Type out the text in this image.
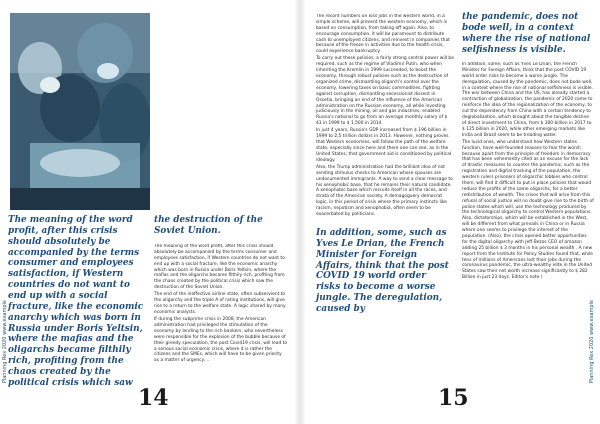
Planning Rex 2020 www.example	Planning Rex 2020 www.example
The meaning of the word profit, after this crisis should absolutely be accompanied by the terms consumer and employees satisfaction, if Western countries do not want to end up with a social fracture, like the economic anarchy which was born in Russia under Boris Yeltsin, where the mafias and the oligarchs became filthily rich, profiting from the chaos created by the political crisis which saw
the destruction of the Soviet Union.

The meaning of the word profit, after this crisis should absolutely be accompanied by the terms consumer and employees satisfaction, if Western countries do not want to end up with a social fracture, like the economic anarchy which was born in Russia under Boris Yeltsin, where the mafias and the oligarchs became filthily rich, profiting from the chaos created by the political crisis which saw the destruction of the Soviet Union.

The end of the ineffective airline state, often subservient to the oligarchy and the triple A of rating institutions, will give rise to a return to the welfare state. A logic shared by many economic analysts.

If during the subprime crisis in 2008, the American administration had privileged the stimulation of the economy by lending to the rich bankers, who nevertheless were responsible for the explosion of the bubble because of their greedy speculation, the post Covid19 crisis, will lead to a serious social economic crisis, where it is rather the citizens and the SMEs, which will have to be given priority as a matter of urgency. ..

The record numbers on loss jobs in the western world, in a simple scheme, will prevent the western economy, which is based on consumption, from taking off again. Also, to encourage consumption, it will be paramount to distribute cash to unemployed citizens, and reinvest in companies that because of the freeze in activities due to the health crisis, could experience bankruptcy.

To carry out these policies, a fairly strong central power will be required, such as the regime of Vladimir Putin, who when inheriting the Kremlin in 1999 succeeded, to boost the economy, through robust policies such as the destruction of organized crime, dismantling oligarch's control over the economy, lowering taxes on basic commodities, fighting against corruption, dismantling secessionist dissent in Ossetia, bringing an end of the influence of the American administration on the Russian economy, all while investing judiciously in the mining, oil and gas industries, enabled Russia's national to go from an average monthly salary of $ 43 in 1999 to $ 1,500 in 2014.

In just 4 years, Russia's GDP increased from $ 196 billion in 1999 to 2,5 trillion dollars in 2013. However, nothing proves that Western economies, will follow the path of the welfare state, especially since here and there one can see, as in the United States, that government aid is conditioned by political ideology.

Also, the Trump administration had the brilliant idea of not sending stimulus checks to American whose spouses are undocumented immigrants. A way to send a clear message to his xenophobic base, that he remains their natural candidate. A xenophobic base which recruits itself in all the races, and strata of the American society. A demagoguery democrat logic, in this period of crisis where the primary instincts like racism, nepotism and xenophobia, often seem to be exacerbated by politicians.

In addition, some, such as Yves Le Drian, the French Minister for Foreign Affairs, think that the post COVID 19 world order risks to become a worse jungle. The deregulation, caused by
the pandemic, does not bode well, in a context where the rise of national selfishness is visible.

In addition, some, such as Yves Le Drian, the French Minister for Foreign Affairs, think that the post COVID 19 world order risks to become a worse jungle. The deregulation, caused by the pandemic, does not bode well, in a context where the rise of national selfishness is visible. The war between China and the US, has already started a contraction of globalization, the pandemic of 2020 came to reinforce the idea of the regionalization of the economy, to cut the dependency from China with a certain tendency to deglobalization, which brought about the tangible decline of direct investment to China, from $ 300 billion in 2017 to $ 125 billion in 2020, while other emerging markets like India and Brazil seem to be treading water.

The lucid ones, who understand how Western states function, have well-founded reasons to fear the worst; because apart from the principle of freedom in democracy that has been vehemently cited as an excuse for the lack of drastic measures to counter the pandemic, such as the registration and digital tracking of the population, the western rulers prisoners of oligarchic lobbies who control them, will find it difficult to put in place policies that would reduce the profits of the same oligarchs, for a better redistribution of wealth. The crises that will arise from this refusal of social justice will no doubt give rise to the birth of police states which will, use the technology produced by the technological oligarchy to control Western populations. Also, dictatorships, which will be established in the West, will be different from what prevails in China or in Russia where one seems to privilege the interest of the population. (Also), the crisis opened better opportunities for the digital oligarchy with Jeff Bezos CEO of amazon adding 25 billion $ 3 months in his personal wealth . A new report from the Institute for Policy Studies found that, while tens of millions of Americans lost their jobs during the coronavirus pandemic, the ultra-wealthy elite in the United States saw their net worth increase significantly to $ 282 Billion in just 23 days. Editor's note )

14	15
